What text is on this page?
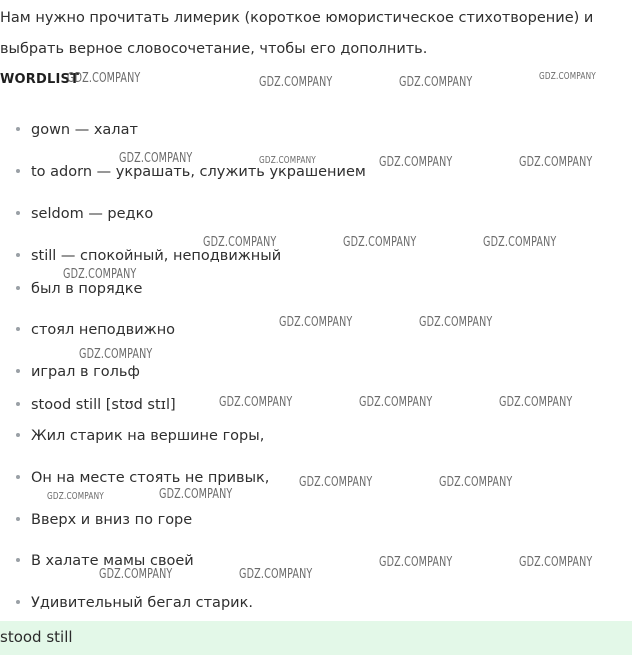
Нам нужно прочитать лимерик (короткое юмористическое стихотворение) и выбрать верное словосочетание, чтобы его дополнить.
WORDLIST
gown — халат
to adorn — украшать, служить украшением
seldom — редко
still — спокойный, неподвижный
был в порядке
стоял неподвижно
играл в гольф
stood still [stʊd stɪl]
Жил старик на вершине горы,
Он на месте стоять не привык,
Вверх и вниз по горе
В халате мамы своей
Удивительный бегал старик.
stood still
GDZ.COMPANY	GDZ.COMPANY	GDZ.COMPANY	GDZ.COMPANY
GDZ.COMPANY	GDZ.COMPANY	GDZ.COMPANY	GDZ.COMPANY
GDZ.COMPANY	GDZ.COMPANY	GDZ.COMPANY
GDZ.COMPANY
GDZ.COMPANY	GDZ.COMPANY
GDZ.COMPANY
GDZ.COMPANY	GDZ.COMPANY	GDZ.COMPANY
GDZ.COMPANY	GDZ.COMPANY
GDZ.COMPANY	GDZ.COMPANY
GDZ.COMPANY	GDZ.COMPANY
GDZ.COMPANY	GDZ.COMPANY
